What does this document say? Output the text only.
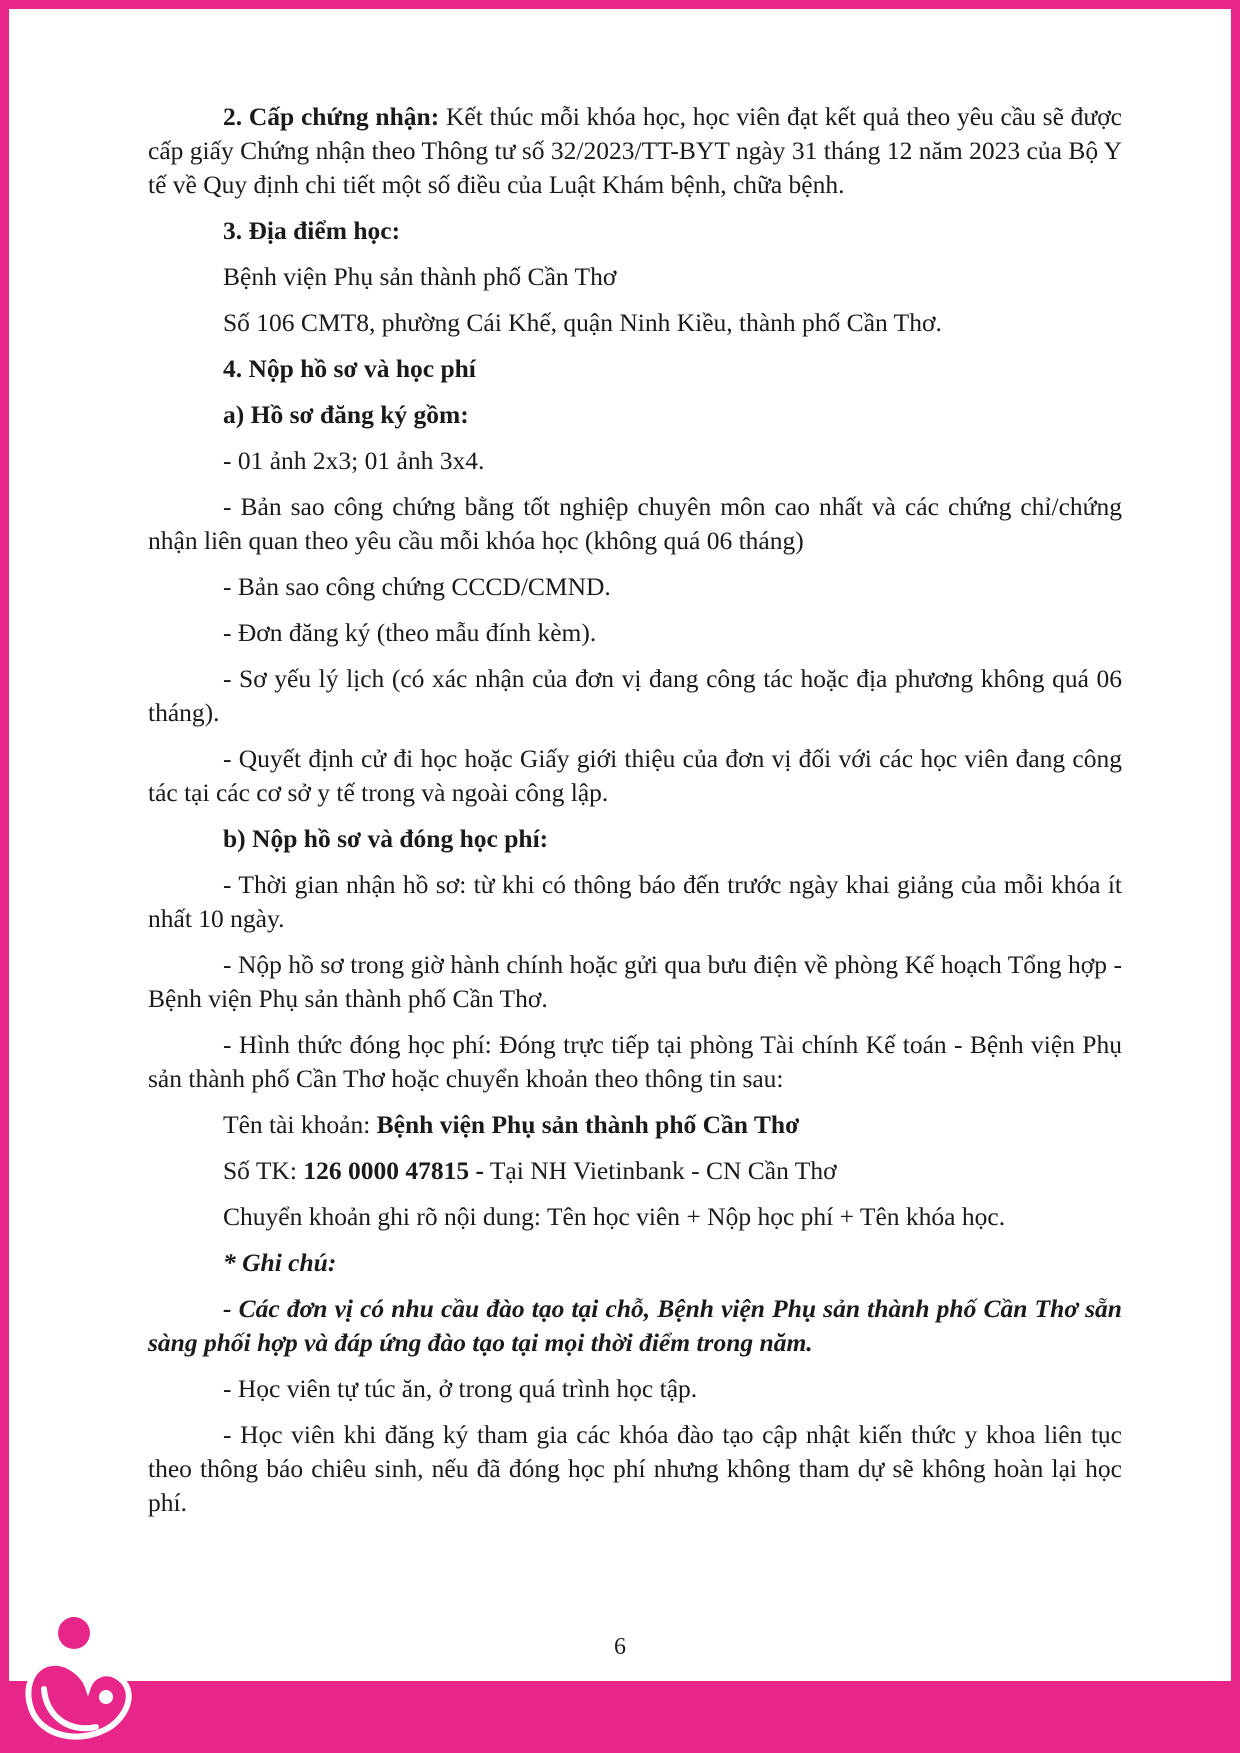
2. Cấp chứng nhận: Kết thúc mỗi khóa học, học viên đạt kết quả theo yêu cầu sẽ được cấp giấy Chứng nhận theo Thông tư số 32/2023/TT-BYT ngày 31 tháng 12 năm 2023 của Bộ Y tế về Quy định chi tiết một số điều của Luật Khám bệnh, chữa bệnh.

3. Địa điểm học:

Bệnh viện Phụ sản thành phố Cần Thơ

Số 106 CMT8, phường Cái Khế, quận Ninh Kiều, thành phố Cần Thơ.

4. Nộp hồ sơ và học phí

a) Hồ sơ đăng ký gồm:

- 01 ảnh 2x3; 01 ảnh 3x4.

- Bản sao công chứng bằng tốt nghiệp chuyên môn cao nhất và các chứng chỉ/chứng nhận liên quan theo yêu cầu mỗi khóa học (không quá 06 tháng)

- Bản sao công chứng CCCD/CMND.

- Đơn đăng ký (theo mẫu đính kèm).

- Sơ yếu lý lịch (có xác nhận của đơn vị đang công tác hoặc địa phương không quá 06 tháng).

- Quyết định cử đi học hoặc Giấy giới thiệu của đơn vị đối với các học viên đang công tác tại các cơ sở y tế trong và ngoài công lập.

b) Nộp hồ sơ và đóng học phí:

- Thời gian nhận hồ sơ: từ khi có thông báo đến trước ngày khai giảng của mỗi khóa ít nhất 10 ngày.

- Nộp hồ sơ trong giờ hành chính hoặc gửi qua bưu điện về phòng Kế hoạch Tổng hợp - Bệnh viện Phụ sản thành phố Cần Thơ.

- Hình thức đóng học phí: Đóng trực tiếp tại phòng Tài chính Kế toán - Bệnh viện Phụ sản thành phố Cần Thơ hoặc chuyển khoản theo thông tin sau:

Tên tài khoản: Bệnh viện Phụ sản thành phố Cần Thơ

Số TK: 126 0000 47815 - Tại NH Vietinbank - CN Cần Thơ

Chuyển khoản ghi rõ nội dung: Tên học viên + Nộp học phí + Tên khóa học.

* Ghi chú:

- Các đơn vị có nhu cầu đào tạo tại chỗ, Bệnh viện Phụ sản thành phố Cần Thơ sẵn sàng phối hợp và đáp ứng đào tạo tại mọi thời điểm trong năm.

- Học viên tự túc ăn, ở trong quá trình học tập.

- Học viên khi đăng ký tham gia các khóa đào tạo cập nhật kiến thức y khoa liên tục theo thông báo chiêu sinh, nếu đã đóng học phí nhưng không tham dự sẽ không hoàn lại học phí.

6
